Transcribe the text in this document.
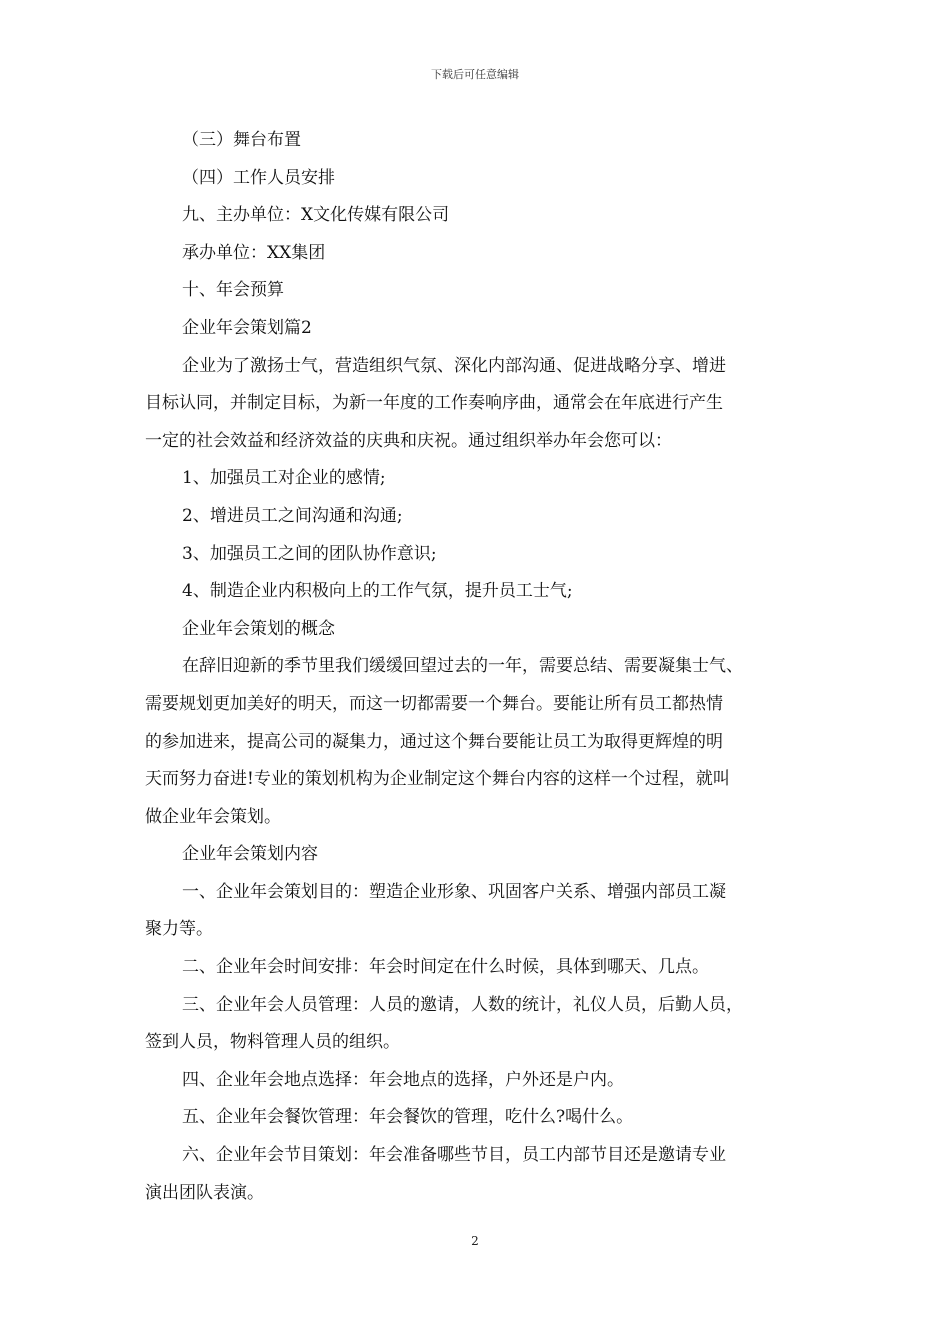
下载后可任意编辑
（三）舞台布置
（四）工作人员安排
九、主办单位：X文化传媒有限公司
承办单位：XX集团
十、年会预算
企业年会策划篇2
企业为了激扬士气，营造组织气氛、深化内部沟通、促进战略分享、增进
目标认同，并制定目标，为新一年度的工作奏响序曲，通常会在年底进行产生
一定的社会效益和经济效益的庆典和庆祝。通过组织举办年会您可以：
1、加强员工对企业的感情;
2、增进员工之间沟通和沟通;
3、加强员工之间的团队协作意识;
4、制造企业内积极向上的工作气氛，提升员工士气;
企业年会策划的概念
在辞旧迎新的季节里我们缓缓回望过去的一年，需要总结、需要凝集士气、
需要规划更加美好的明天，而这一切都需要一个舞台。要能让所有员工都热情
的参加进来，提高公司的凝集力，通过这个舞台要能让员工为取得更辉煌的明
天而努力奋进!专业的策划机构为企业制定这个舞台内容的这样一个过程，就叫
做企业年会策划。
企业年会策划内容
一、企业年会策划目的：塑造企业形象、巩固客户关系、增强内部员工凝
聚力等。
二、企业年会时间安排：年会时间定在什么时候，具体到哪天、几点。
三、企业年会人员管理：人员的邀请，人数的统计，礼仪人员，后勤人员，
签到人员，物料管理人员的组织。
四、企业年会地点选择：年会地点的选择，户外还是户内。
五、企业年会餐饮管理：年会餐饮的管理，吃什么?喝什么。
六、企业年会节目策划：年会准备哪些节目，员工内部节目还是邀请专业
演出团队表演。
2
